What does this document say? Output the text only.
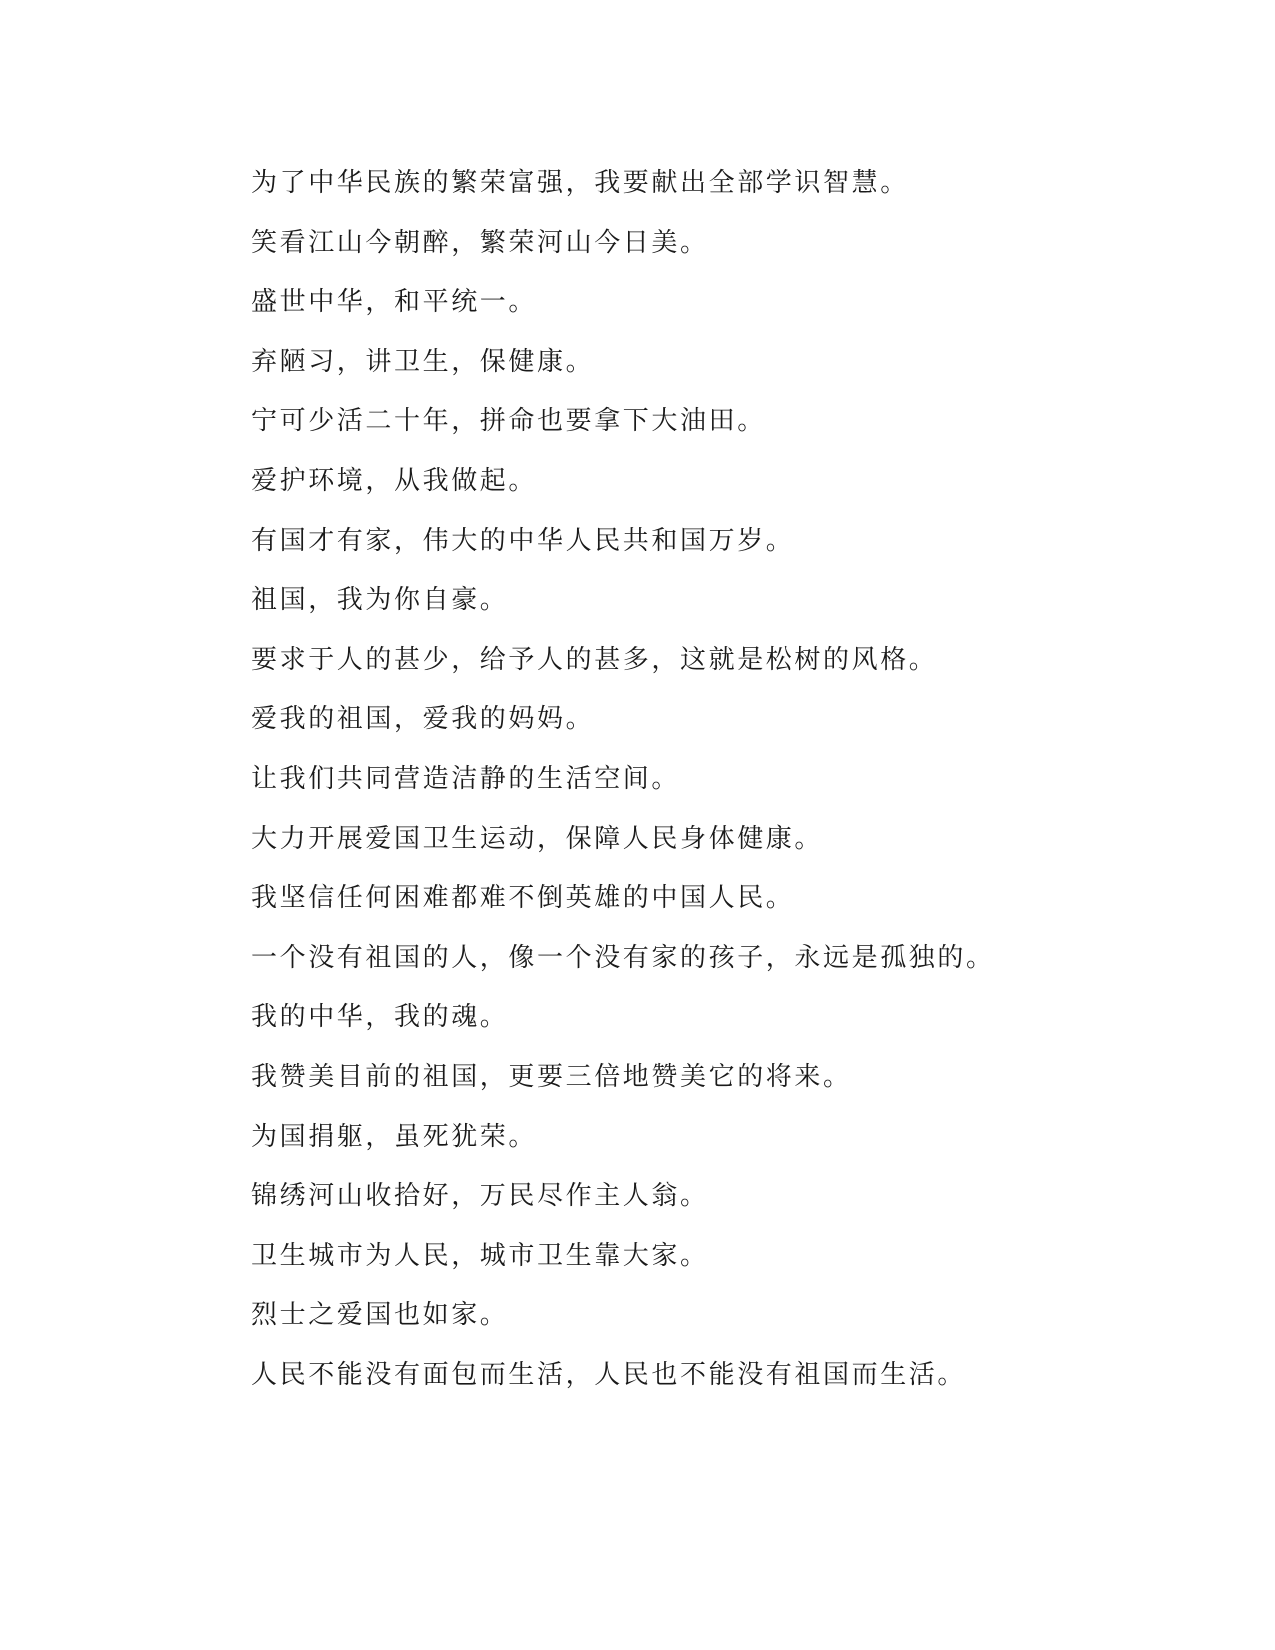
为了中华民族的繁荣富强，我要献出全部学识智慧。
笑看江山今朝醉，繁荣河山今日美。
盛世中华，和平统一。
弃陋习，讲卫生，保健康。
宁可少活二十年，拼命也要拿下大油田。
爱护环境，从我做起。
有国才有家，伟大的中华人民共和国万岁。
祖国，我为你自豪。
要求于人的甚少，给予人的甚多，这就是松树的风格。
爱我的祖国，爱我的妈妈。
让我们共同营造洁静的生活空间。
大力开展爱国卫生运动，保障人民身体健康。
我坚信任何困难都难不倒英雄的中国人民。
一个没有祖国的人，像一个没有家的孩子，永远是孤独的。
我的中华，我的魂。
我赞美目前的祖国，更要三倍地赞美它的将来。
为国捐躯，虽死犹荣。
锦绣河山收拾好，万民尽作主人翁。
卫生城市为人民，城市卫生靠大家。
烈士之爱国也如家。
人民不能没有面包而生活，人民也不能没有祖国而生活。
